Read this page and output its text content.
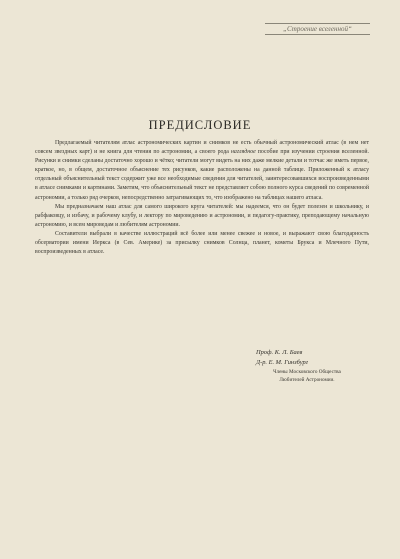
„Строение вселенной“
ПРЕДИСЛОВИЕ

Предлагаемый читателям атлас астрономических картин и снимков не есть обычный астрономический атлас (в нем нет совсем звездных карт) и не книга для чтения по астрономии, а своего рода наглядное пособие при изучении строения вселенной. Рисунки и снимки сделаны достаточно хорошо и чётко; читатели могут видеть на них даже мелкие детали и тотчас же иметь первое, краткое, но, в общем, достаточное объяснение тех рисунков, какие расположены на данной таблице. Приложенный к атласу отдельный объяснительный текст содержит уже все необходимые сведения для читателей, заинтересовавшихся воспроизведенными в атласе снимками и картинами. Заметим, что объяснительный текст не представляет собою полного курса сведений по современной астрономии, а только ряд очерков, непосредственно затрагивающих то, что изображено на таблицах нашего атласа.

Мы предназначаем наш атлас для самого широкого круга читателей: мы надеемся, что он будет полезен и школьнику, и рабфаковцу, и избачу, и рабочему клубу, и лектору по мироведению и астрономии, и педагогу-практику, преподающему начальную астрономию, и всем мироведам и любителям астрономии.

Составители выбрали в качестве иллюстраций всё более или менее свежее и новое, и выражают свою благодарность обсерватории имени Иеркса (в Сев. Америке) за присылку снимков Солнца, планет, кометы Брукса и Млечного Пути, воспроизведенных в атласе.

Проф. К. Л. Баев
Д-р. Е. М. Гинзбург
Члены Московского Общества
Любителей Астрономии.
